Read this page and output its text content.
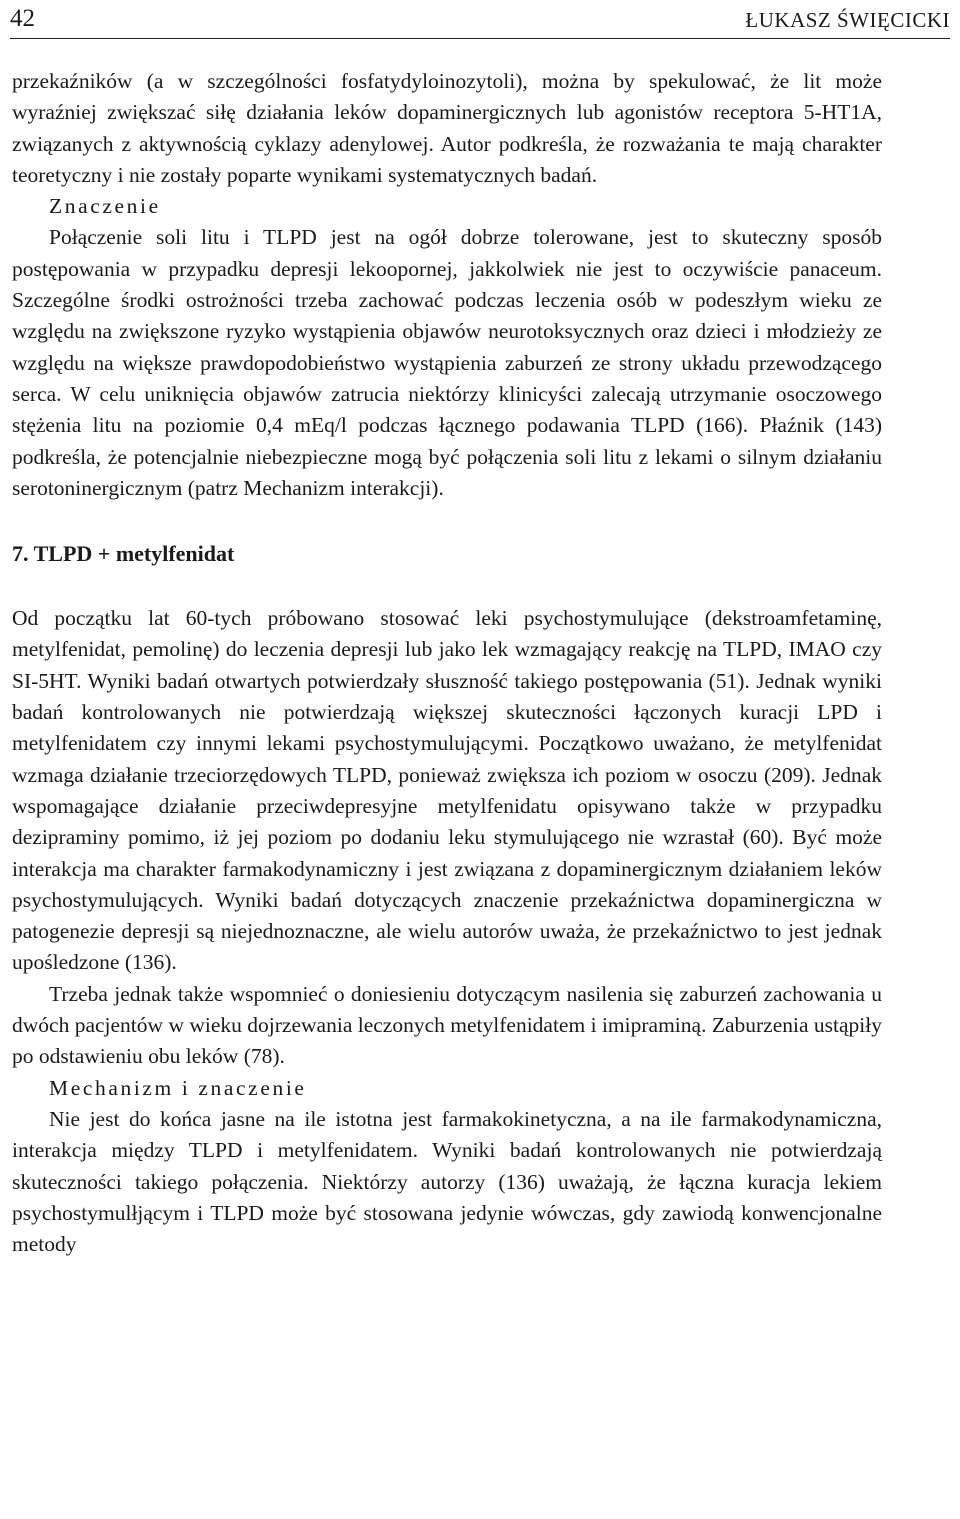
42	ŁUKASZ ŚWIĘCICKI

przekaźników (a w szczególności fosfatydyloinozytoli), można by spekulować, że lit może wyraźniej zwiększać siłę działania leków dopaminergicznych lub agonistów receptora 5-HT1A, związanych z aktywnością cyklazy adenylowej. Autor podkreśla, że rozważania te mają charakter teoretyczny i nie zostały poparte wynikami systematycznych badań.

Znaczenie

Połączenie soli litu i TLPD jest na ogół dobrze tolerowane, jest to skuteczny sposób postępowania w przypadku depresji lekoopornej, jakkolwiek nie jest to oczywiście panaceum. Szczególne środki ostrożności trzeba zachować podczas leczenia osób w podeszłym wieku ze względu na zwiększone ryzyko wystąpienia objawów neurotoksycznych oraz dzieci i młodzieży ze względu na większe prawdopodobieństwo wystąpienia zaburzeń ze strony układu przewodzącego serca. W celu uniknięcia objawów zatrucia niektórzy klinicyści zalecają utrzymanie osoczowego stężenia litu na poziomie 0,4 mEq/l podczas łącznego podawania TLPD (166). Płaźnik (143) podkreśla, że potencjalnie niebezpieczne mogą być połączenia soli litu z lekami o silnym działaniu serotoninergicznym (patrz Mechanizm interakcji).

7. TLPD + metylfenidat

Od początku lat 60-tych próbowano stosować leki psychostymulujące (dekstroamfetaminę, metylfenidat, pemolinę) do leczenia depresji lub jako lek wzmagający reakcję na TLPD, IMAO czy SI-5HT. Wyniki badań otwartych potwierdzały słuszność takiego postępowania (51). Jednak wyniki badań kontrolowanych nie potwierdzają większej skuteczności łączonych kuracji LPD i metylfenidatem czy innymi lekami psychostymulującymi. Początkowo uważano, że metylfenidat wzmaga działanie trzeciorzędowych TLPD, ponieważ zwiększa ich poziom w osoczu (209). Jednak wspomagające działanie przeciwdepresyjne metylfenidatu opisywano także w przypadku dezipraminy pomimo, iż jej poziom po dodaniu leku stymulującego nie wzrastał (60). Być może interakcja ma charakter farmakodynamiczny i jest związana z dopaminergicznym działaniem leków psychostymulujących. Wyniki badań dotyczących znaczenie przekaźnictwa dopaminergiczna w patogenezie depresji są niejednoznaczne, ale wielu autorów uważa, że przekaźnictwo to jest jednak upośledzone (136).

Trzeba jednak także wspomnieć o doniesieniu dotyczącym nasilenia się zaburzeń zachowania u dwóch pacjentów w wieku dojrzewania leczonych metylfenidatem i imipraminą. Zaburzenia ustąpiły po odstawieniu obu leków (78).

Mechanizm i znaczenie

Nie jest do końca jasne na ile istotna jest farmakokinetyczna, a na ile farmakodynamiczna, interakcja między TLPD i metylfenidatem. Wyniki badań kontrolowanych nie potwierdzają skuteczności takiego połączenia. Niektórzy autorzy (136) uważają, że łączna kuracja lekiem psychostymulłjącym i TLPD może być stosowana jedynie wówczas, gdy zawiodą konwencjonalne metody
